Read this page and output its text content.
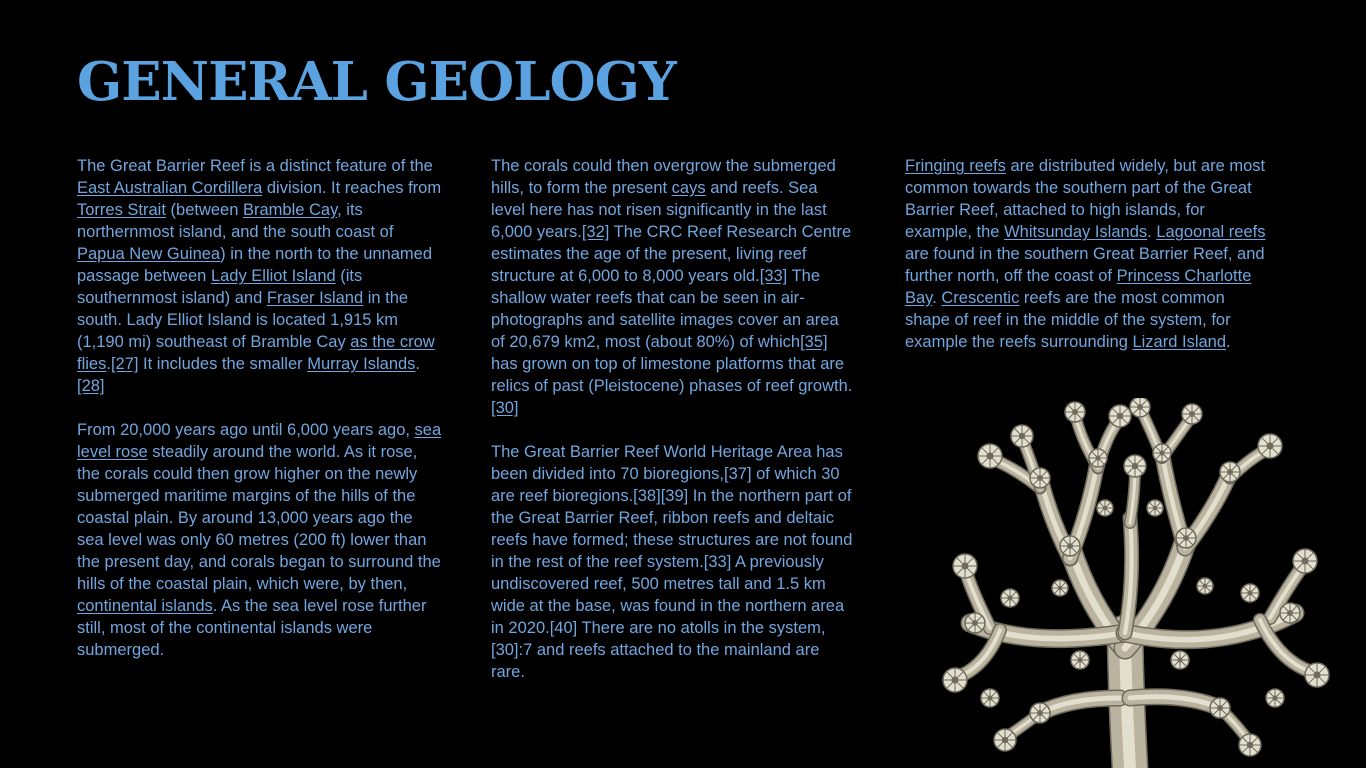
GENERAL GEOLOGY

The Great Barrier Reef is a distinct feature of the East Australian Cordillera division. It reaches from Torres Strait (between Bramble Cay, its northernmost island, and the south coast of Papua New Guinea) in the north to the unnamed passage between Lady Elliot Island (its southernmost island) and Fraser Island in the south. Lady Elliot Island is located 1,915 km (1,190 mi) southeast of Bramble Cay as the crow flies.[27] It includes the smaller Murray Islands.[28]

From 20,000 years ago until 6,000 years ago, sea level rose steadily around the world. As it rose, the corals could then grow higher on the newly submerged maritime margins of the hills of the coastal plain. By around 13,000 years ago the sea level was only 60 metres (200 ft) lower than the present day, and corals began to surround the hills of the coastal plain, which were, by then, continental islands. As the sea level rose further still, most of the continental islands were submerged.

The corals could then overgrow the submerged hills, to form the present cays and reefs. Sea level here has not risen significantly in the last 6,000 years.[32] The CRC Reef Research Centre estimates the age of the present, living reef structure at 6,000 to 8,000 years old.[33] The shallow water reefs that can be seen in air-photographs and satellite images cover an area of 20,679 km2, most (about 80%) of which[35] has grown on top of limestone platforms that are relics of past (Pleistocene) phases of reef growth.[30]

The Great Barrier Reef World Heritage Area has been divided into 70 bioregions,[37] of which 30 are reef bioregions.[38][39] In the northern part of the Great Barrier Reef, ribbon reefs and deltaic reefs have formed; these structures are not found in the rest of the reef system.[33] A previously undiscovered reef, 500 metres tall and 1.5 km wide at the base, was found in the northern area in 2020.[40] There are no atolls in the system,[30]:7 and reefs attached to the mainland are rare.

Fringing reefs are distributed widely, but are most common towards the southern part of the Great Barrier Reef, attached to high islands, for example, the Whitsunday Islands. Lagoonal reefs are found in the southern Great Barrier Reef, and further north, off the coast of Princess Charlotte Bay. Crescentic reefs are the most common shape of reef in the middle of the system, for example the reefs surrounding Lizard Island.
